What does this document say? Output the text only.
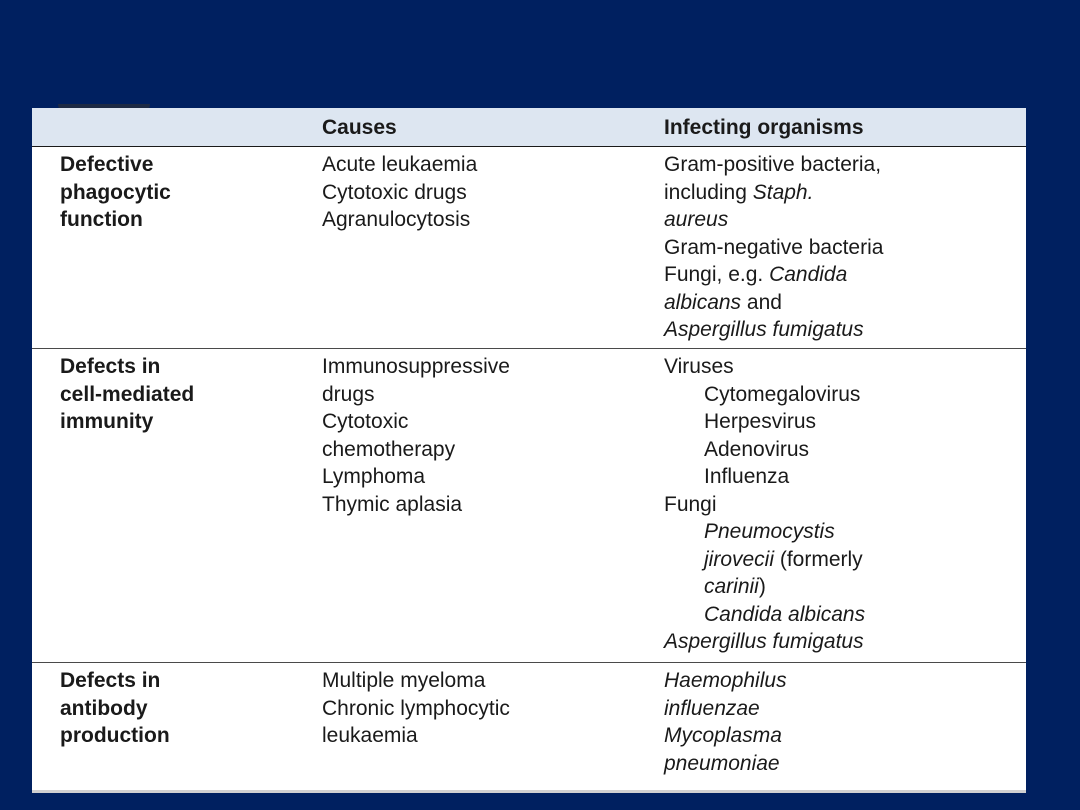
Causes	Infecting organisms
Defective
phagocytic
function
Acute leukaemia
Cytotoxic drugs
Agranulocytosis
Gram-positive bacteria,
including Staph.
aureus
Gram-negative bacteria
Fungi, e.g. Candida
albicans and
Aspergillus fumigatus
Defects in
cell-mediated
immunity
Immunosuppressive
drugs
Cytotoxic
chemotherapy
Lymphoma
Thymic aplasia
Viruses
Cytomegalovirus
Herpesvirus
Adenovirus
Influenza
Fungi
Pneumocystis
jirovecii (formerly
carinii)
Candida albicans
Aspergillus fumigatus
Defects in
antibody
production
Multiple myeloma
Chronic lymphocytic
leukaemia
Haemophilus
influenzae
Mycoplasma
pneumoniae
